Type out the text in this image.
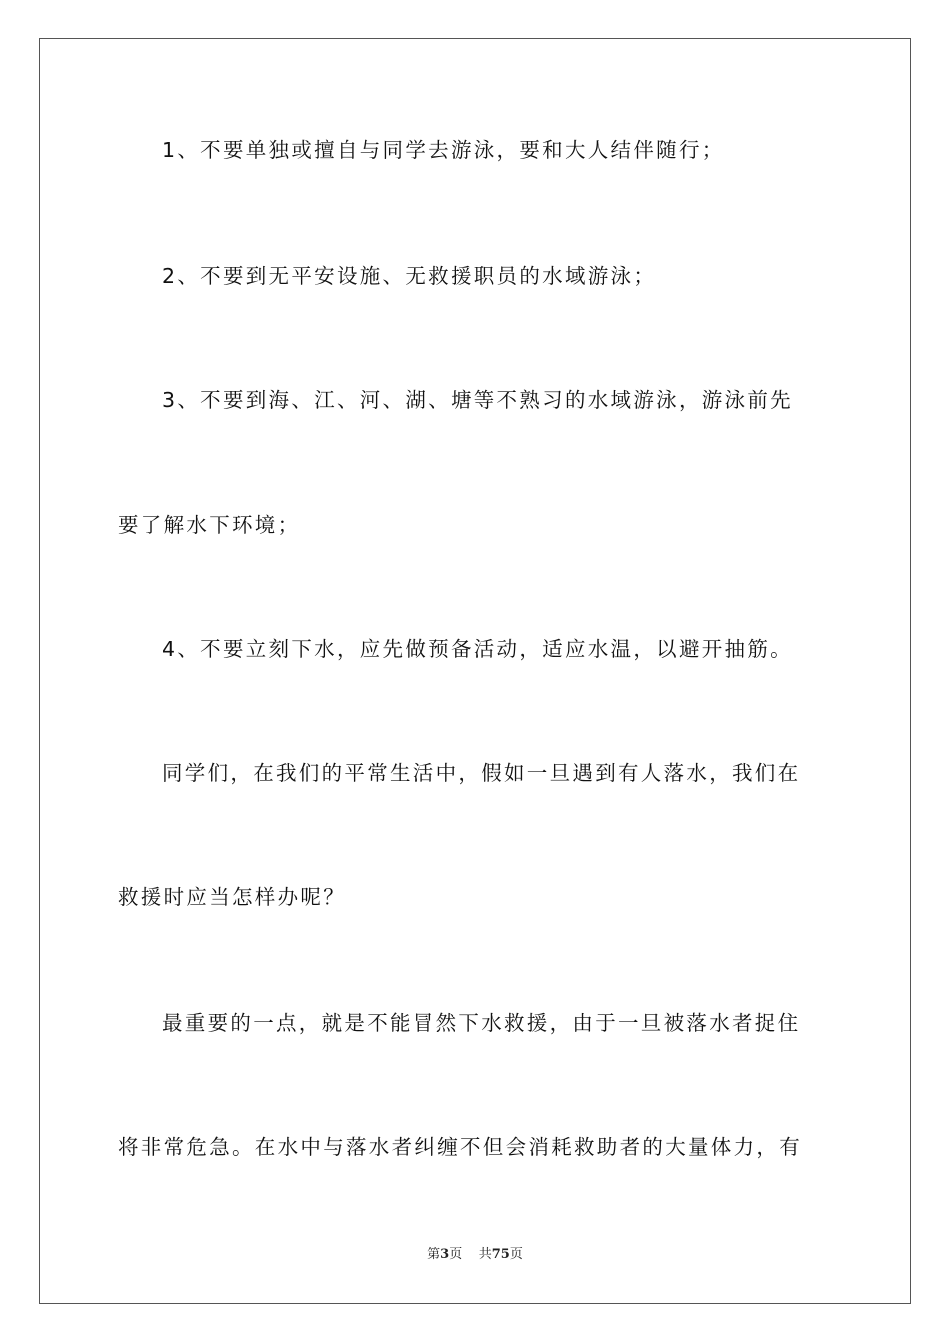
1、不要单独或擅自与同学去游泳，要和大人结伴随行；
2、不要到无平安设施、无救援职员的水域游泳；
3、不要到海、江、河、湖、塘等不熟习的水域游泳，游泳前先
要了解水下环境；
4、不要立刻下水，应先做预备活动，适应水温，以避开抽筋。
同学们，在我们的平常生活中，假如一旦遇到有人落水，我们在
救援时应当怎样办呢？
最重要的一点，就是不能冒然下水救援，由于一旦被落水者捉住
将非常危急。在水中与落水者纠缠不但会消耗救助者的大量体力，有
第3页 共75页
